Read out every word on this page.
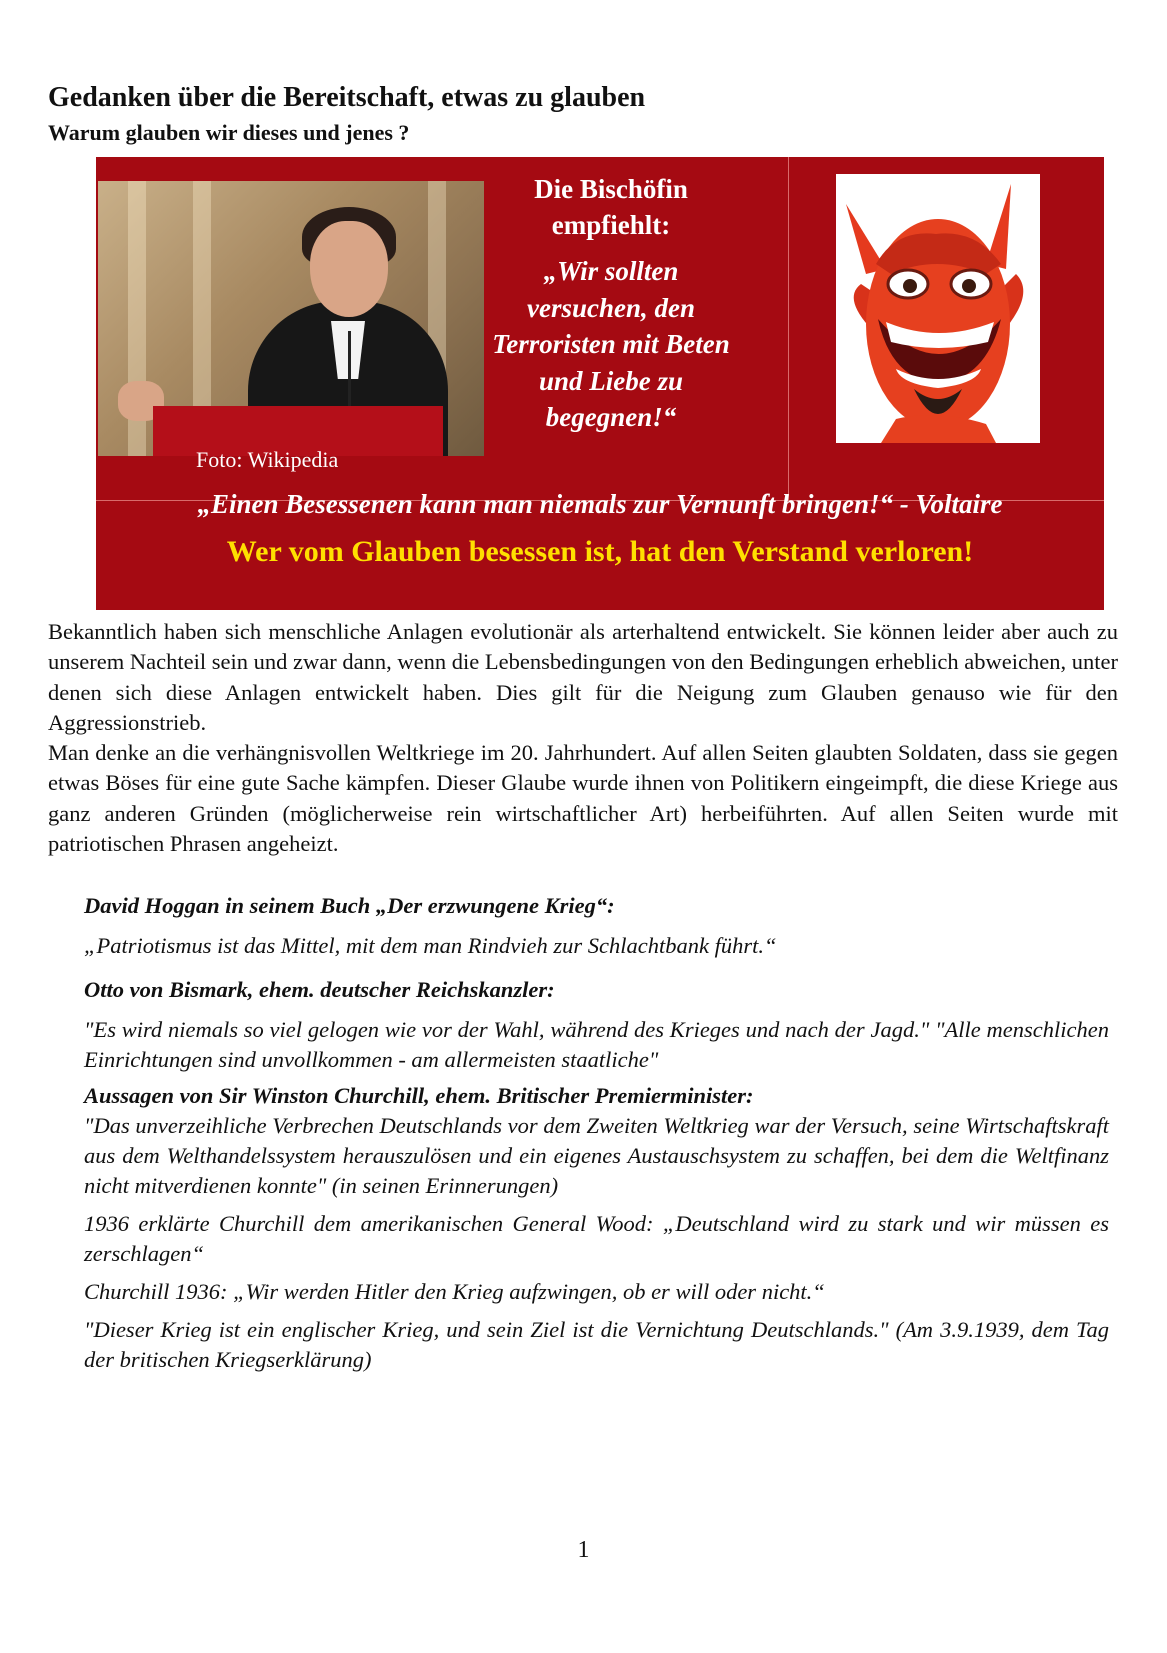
Gedanken über die Bereitschaft, etwas zu glauben
Warum glauben wir dieses und jenes ?
Foto: Wikipedia

Die Bischöfin
empfiehlt:

„Wir sollten
versuchen, den
Terroristen mit Beten
und Liebe zu
begegnen!“

„Einen Besessenen kann man niemals zur Vernunft bringen!“ - Voltaire
Wer vom Glauben besessen ist, hat den Verstand verloren!

Bekanntlich haben sich menschliche Anlagen evolutionär als arterhaltend entwickelt. Sie können leider aber auch zu unserem Nachteil sein und zwar dann, wenn die Lebensbedingungen von den Bedingungen erheblich abweichen, unter denen sich diese Anlagen entwickelt haben. Dies gilt für die Neigung zum Glauben genauso wie für den Aggressionstrieb.

Man denke an die verhängnisvollen Weltkriege im 20. Jahrhundert. Auf allen Seiten glaubten Soldaten, dass sie gegen etwas Böses für eine gute Sache kämpfen. Dieser Glaube wurde ihnen von Politikern eingeimpft, die diese Kriege aus ganz anderen Gründen (möglicherweise rein wirtschaftlicher Art) herbeiführten. Auf allen Seiten wurde mit patriotischen Phrasen angeheizt.

David Hoggan in seinem Buch „Der erzwungene Krieg“:

„Patriotismus ist das Mittel, mit dem man Rindvieh zur Schlachtbank führt.“

Otto von Bismark, ehem. deutscher Reichskanzler:

"Es wird niemals so viel gelogen wie vor der Wahl, während des Krieges und nach der Jagd." "Alle menschlichen Einrichtungen sind unvollkommen - am allermeisten staatliche"

Aussagen von Sir Winston Churchill, ehem. Britischer Premierminister:

"Das unverzeihliche Verbrechen Deutschlands vor dem Zweiten Weltkrieg war der Versuch, seine Wirtschaftskraft aus dem Welthandelssystem herauszulösen und ein eigenes Austauschsystem zu schaffen, bei dem die Weltfinanz nicht mitverdienen konnte" (in seinen Erinnerungen)

1936 erklärte Churchill dem amerikanischen General Wood: „Deutschland wird zu stark und wir müssen es zerschlagen“

Churchill 1936: „Wir werden Hitler den Krieg aufzwingen, ob er will oder nicht.“

"Dieser Krieg ist ein englischer Krieg, und sein Ziel ist die Vernichtung Deutschlands." (Am 3.9.1939, dem Tag der britischen Kriegserklärung)

1
